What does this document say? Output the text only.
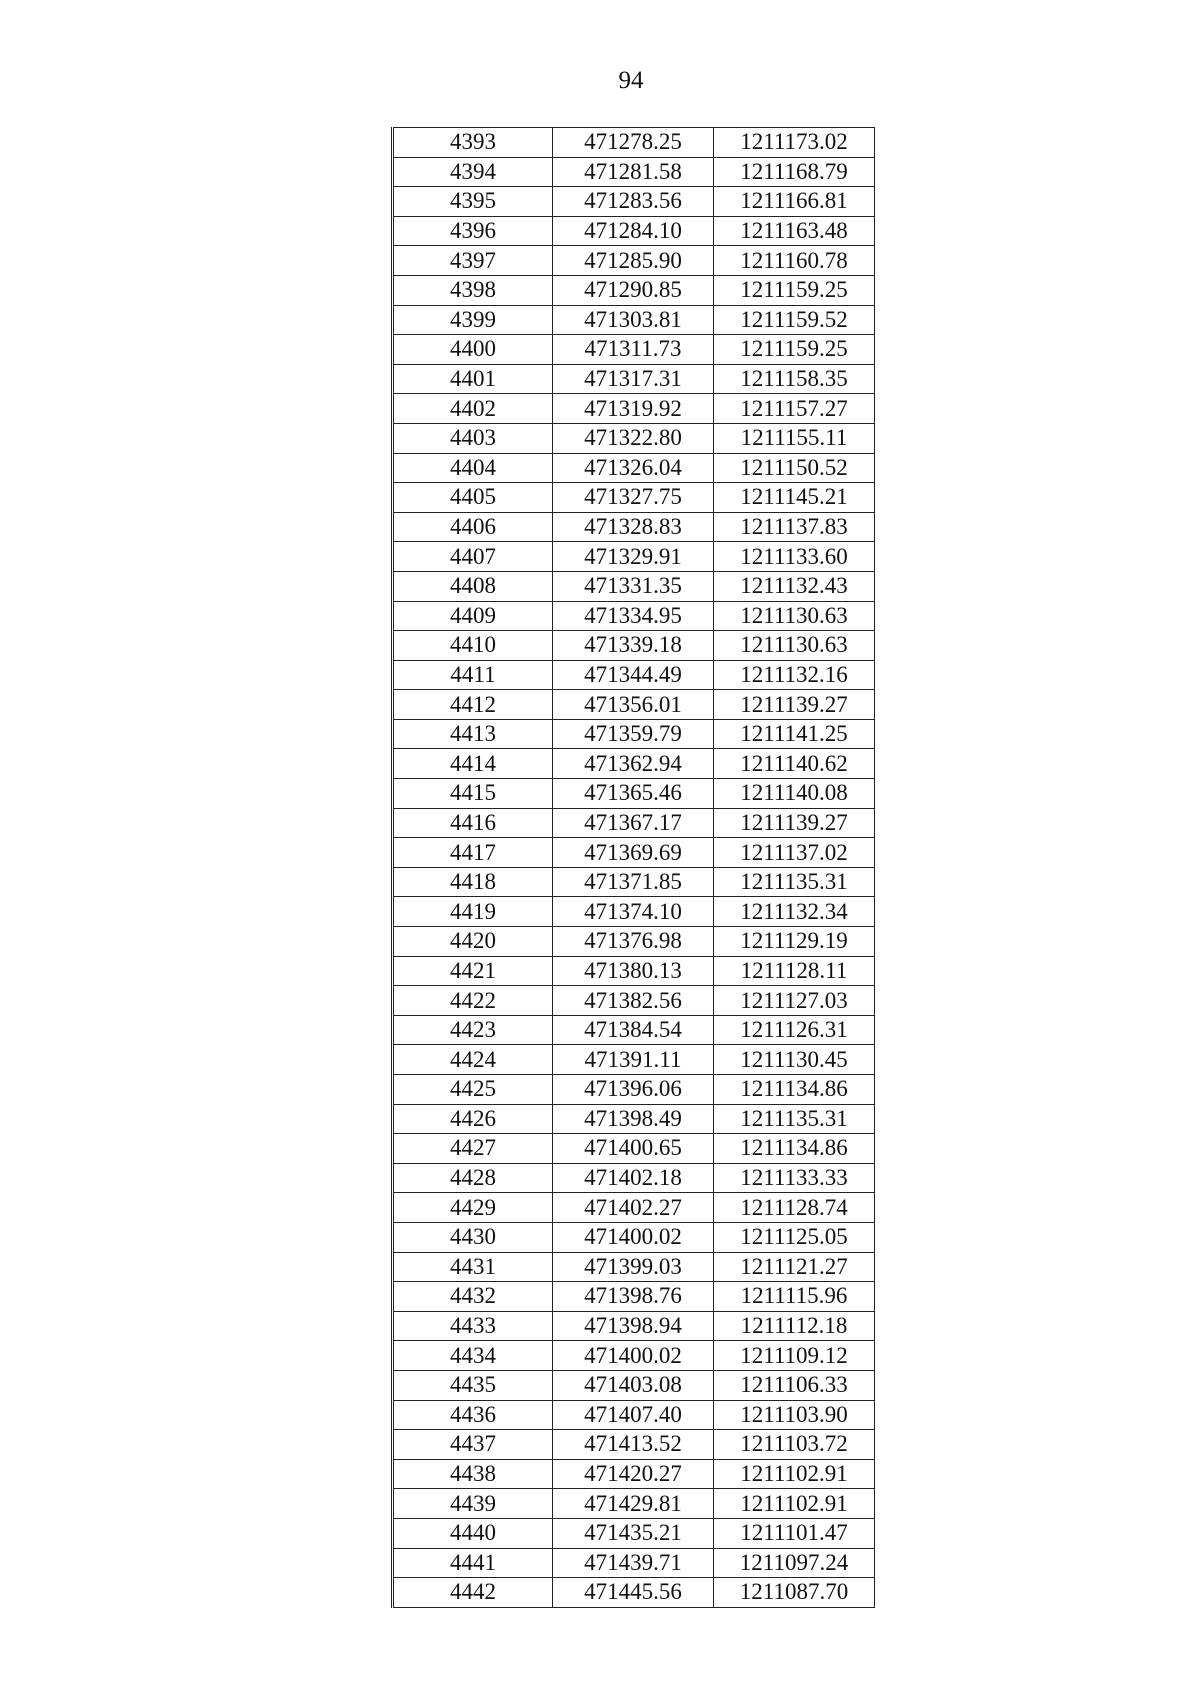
94
4393	471278.25	1211173.02
4394	471281.58	1211168.79
4395	471283.56	1211166.81
4396	471284.10	1211163.48
4397	471285.90	1211160.78
4398	471290.85	1211159.25
4399	471303.81	1211159.52
4400	471311.73	1211159.25
4401	471317.31	1211158.35
4402	471319.92	1211157.27
4403	471322.80	1211155.11
4404	471326.04	1211150.52
4405	471327.75	1211145.21
4406	471328.83	1211137.83
4407	471329.91	1211133.60
4408	471331.35	1211132.43
4409	471334.95	1211130.63
4410	471339.18	1211130.63
4411	471344.49	1211132.16
4412	471356.01	1211139.27
4413	471359.79	1211141.25
4414	471362.94	1211140.62
4415	471365.46	1211140.08
4416	471367.17	1211139.27
4417	471369.69	1211137.02
4418	471371.85	1211135.31
4419	471374.10	1211132.34
4420	471376.98	1211129.19
4421	471380.13	1211128.11
4422	471382.56	1211127.03
4423	471384.54	1211126.31
4424	471391.11	1211130.45
4425	471396.06	1211134.86
4426	471398.49	1211135.31
4427	471400.65	1211134.86
4428	471402.18	1211133.33
4429	471402.27	1211128.74
4430	471400.02	1211125.05
4431	471399.03	1211121.27
4432	471398.76	1211115.96
4433	471398.94	1211112.18
4434	471400.02	1211109.12
4435	471403.08	1211106.33
4436	471407.40	1211103.90
4437	471413.52	1211103.72
4438	471420.27	1211102.91
4439	471429.81	1211102.91
4440	471435.21	1211101.47
4441	471439.71	1211097.24
4442	471445.56	1211087.70
